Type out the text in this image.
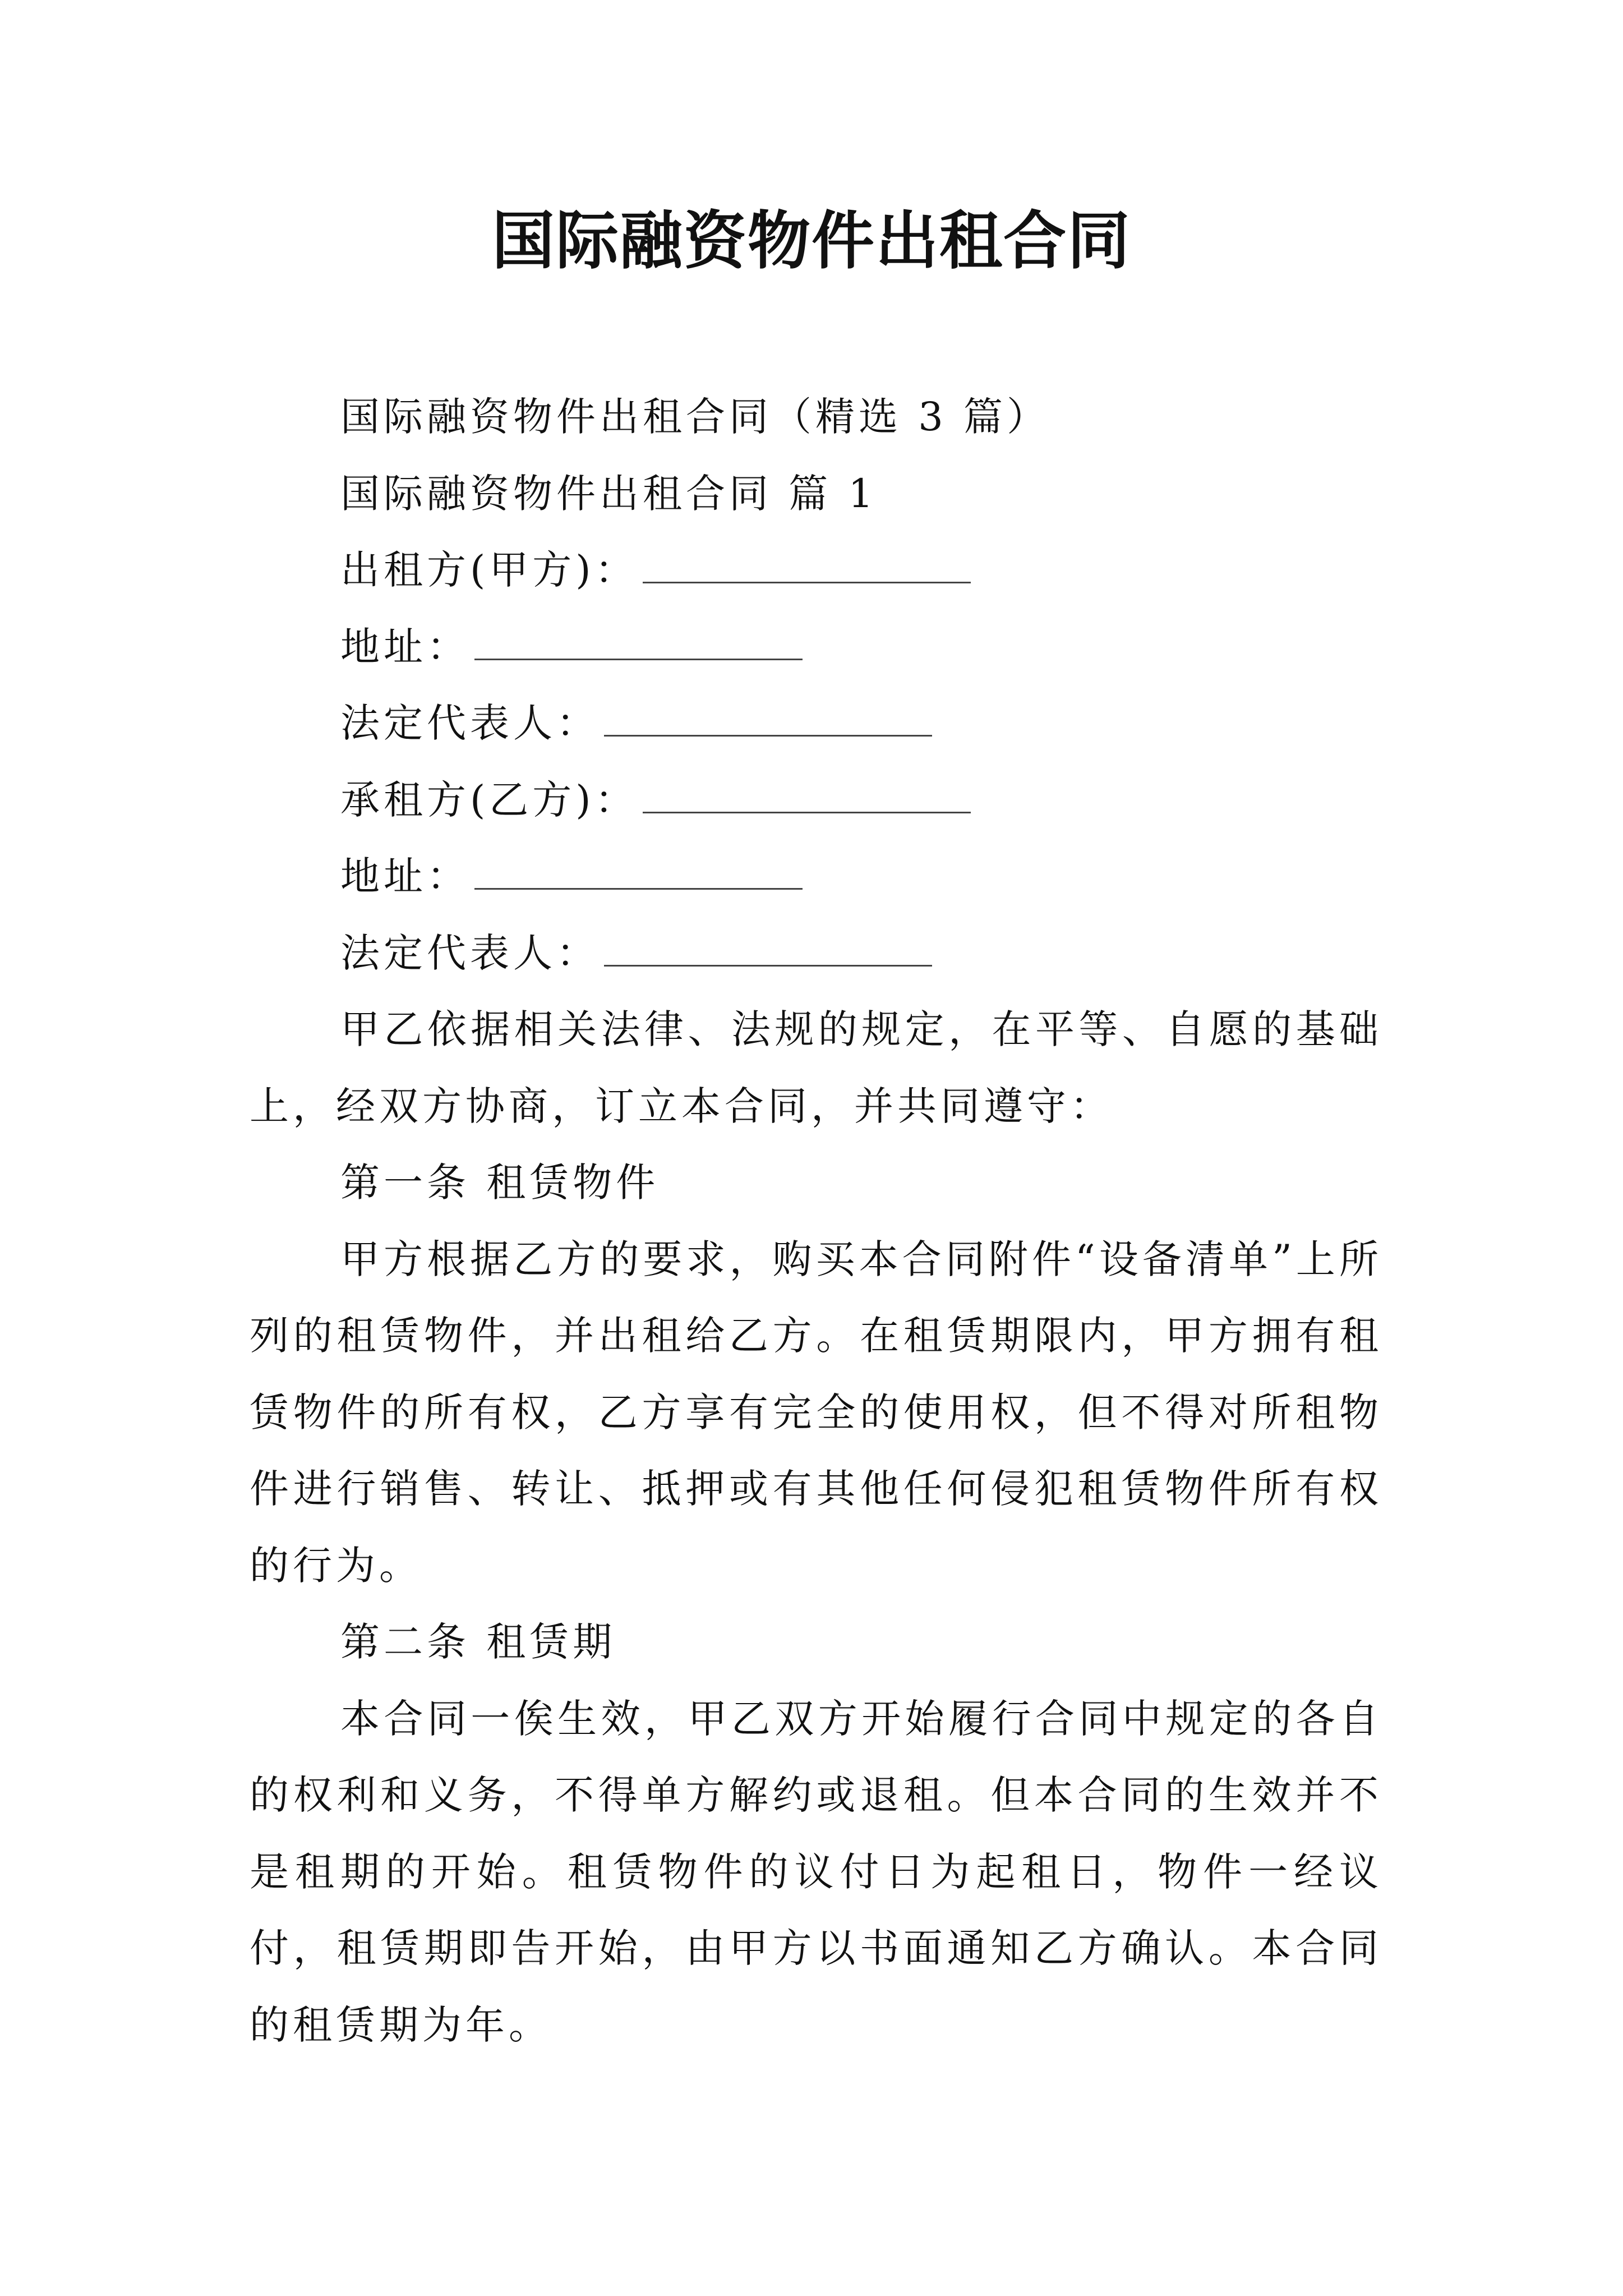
国际融资物件出租合同

国际融资物件出租合同（精选 3 篇）

国际融资物件出租合同 篇 1

出租方(甲方)：

地址：

法定代表人：

承租方(乙方)：

地址：

法定代表人：

甲乙依据相关法律、法规的规定，在平等、自愿的基础上，经双方协商，订立本合同，并共同遵守：

第一条 租赁物件

甲方根据乙方的要求，购买本合同附件“设备清单”上所列的租赁物件，并出租给乙方。在租赁期限内，甲方拥有租赁物件的所有权，乙方享有完全的使用权，但不得对所租物件进行销售、转让、抵押或有其他任何侵犯租赁物件所有权的行为。

第二条 租赁期

本合同一俟生效，甲乙双方开始履行合同中规定的各自的权利和义务，不得单方解约或退租。但本合同的生效并不是租期的开始。租赁物件的议付日为起租日，物件一经议付，租赁期即告开始，由甲方以书面通知乙方确认。本合同的租赁期为年。
